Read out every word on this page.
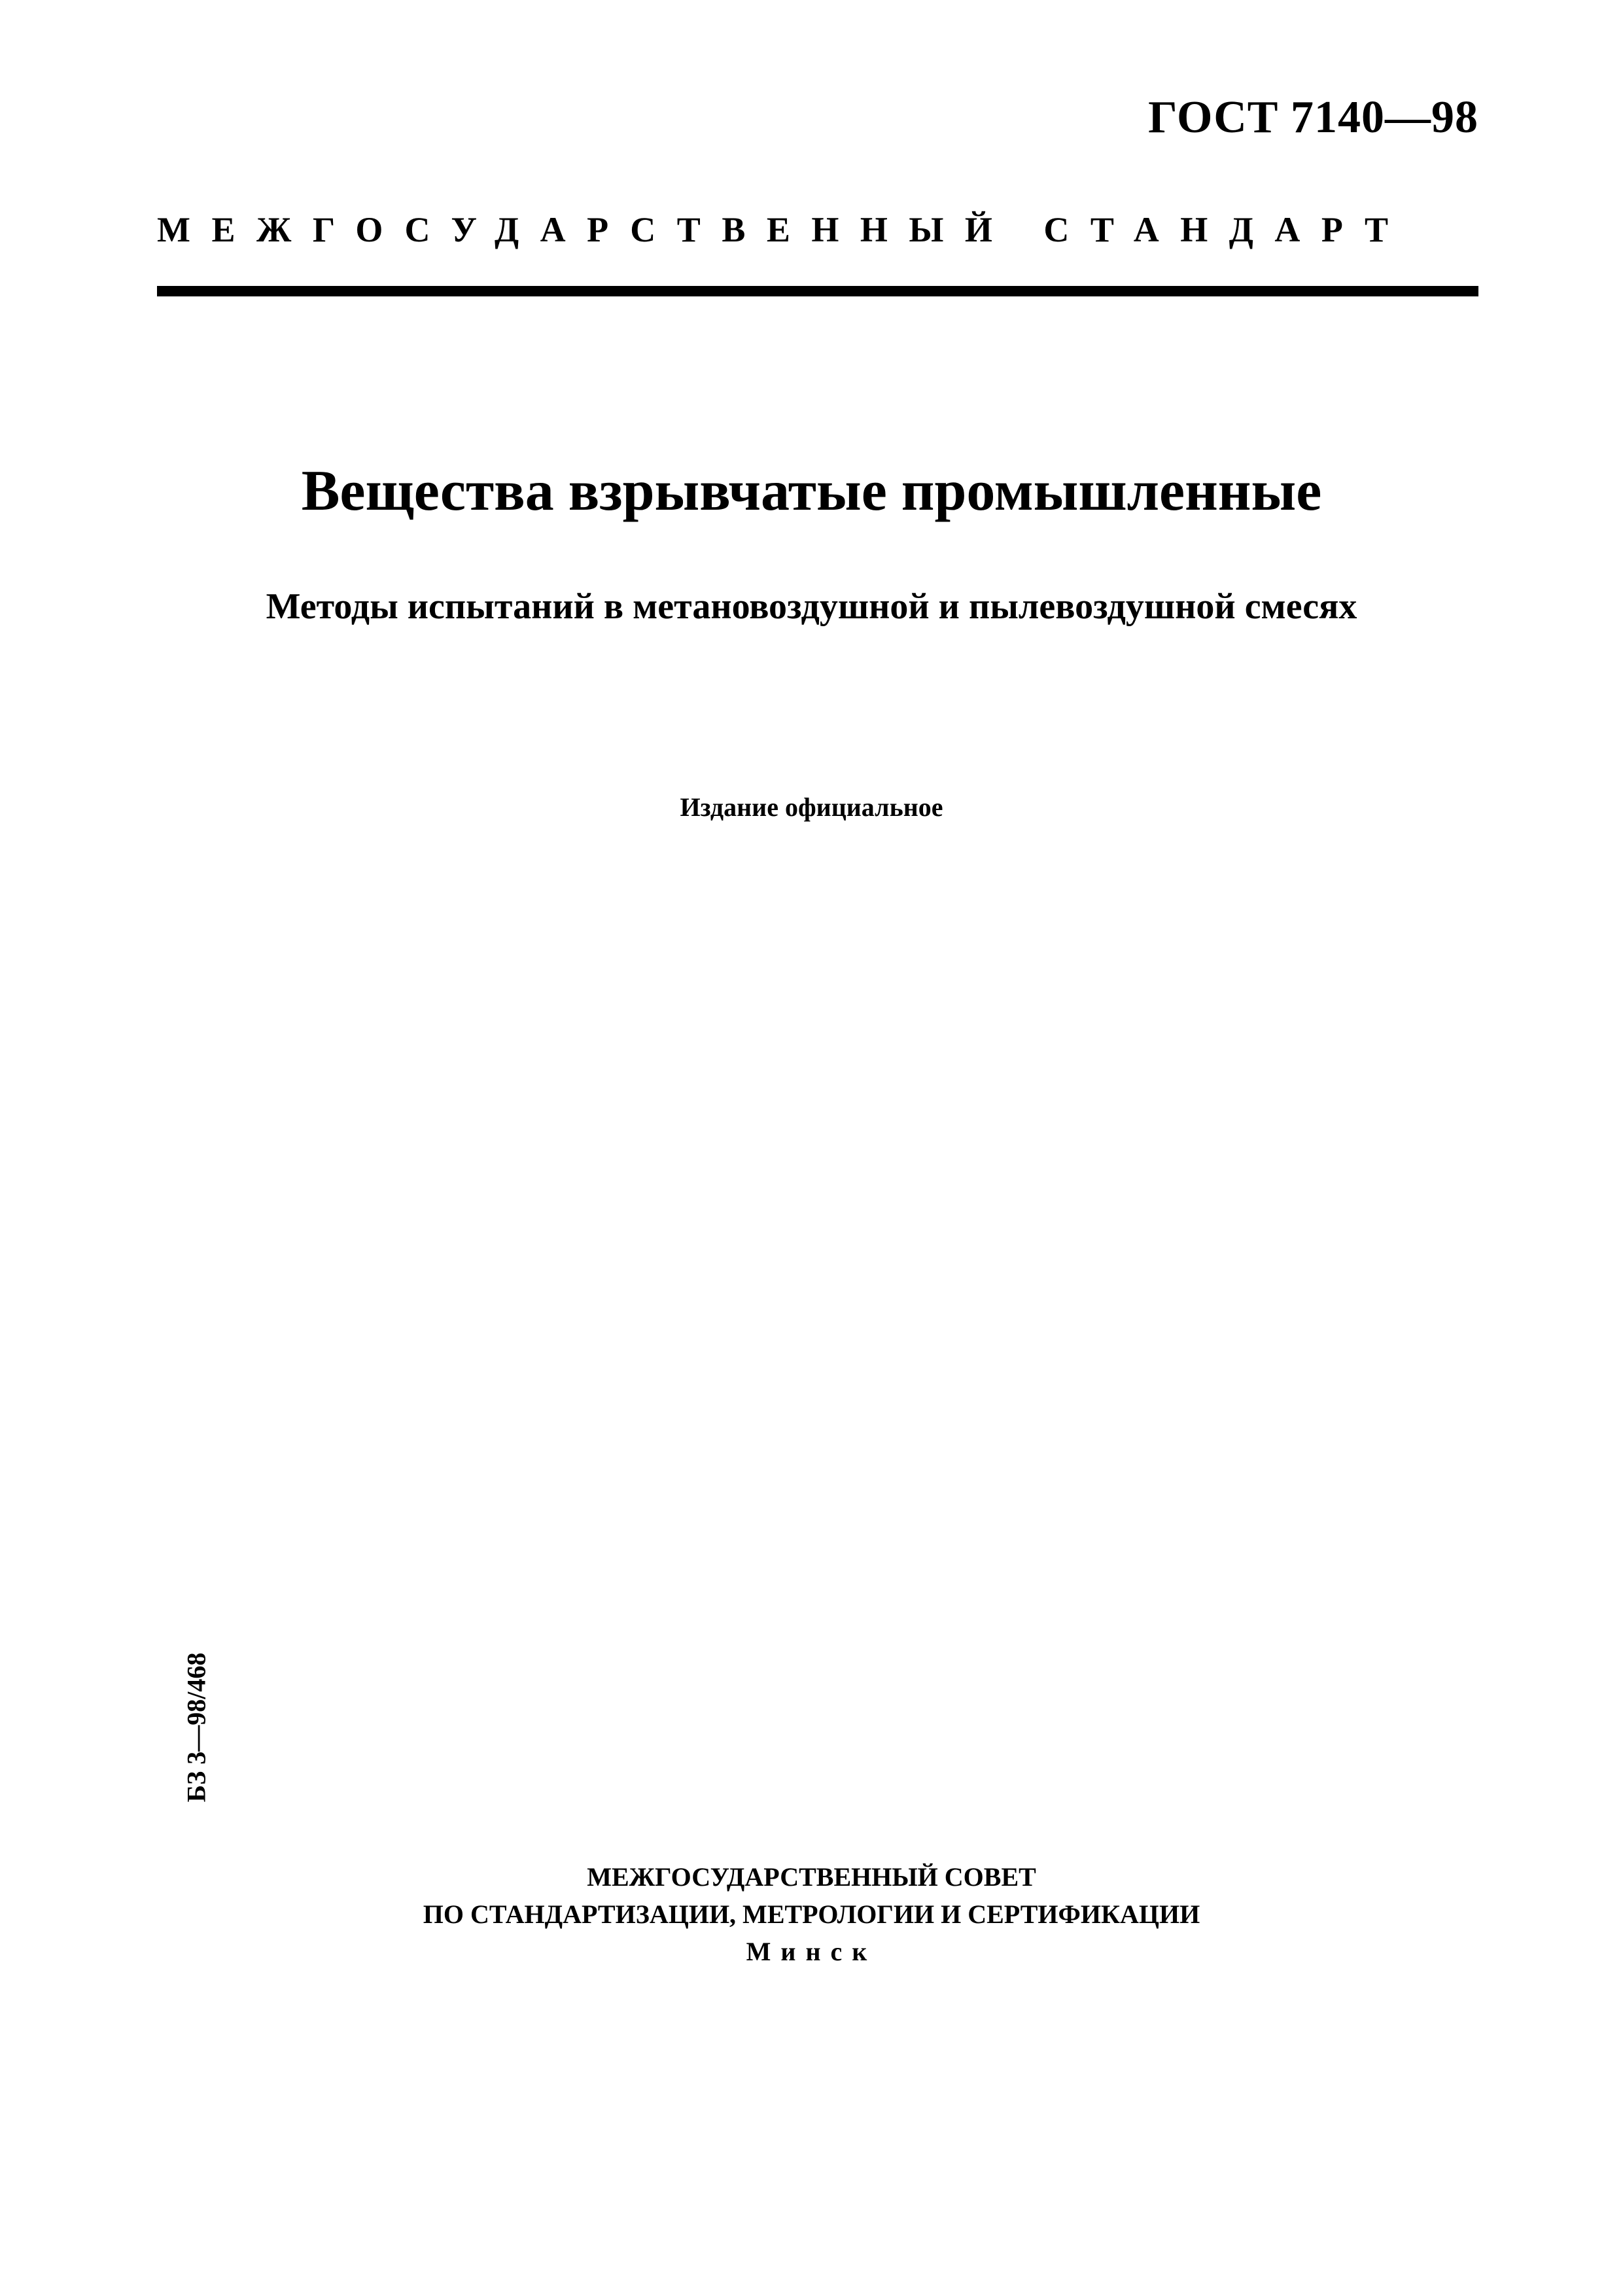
ГОСТ 7140—98
МЕЖГОСУДАРСТВЕННЫЙ СТАНДАРТ
Вещества взрывчатые промышленные
Методы испытаний в метановоздушной и пылевоздушной смесях
Издание официальное
БЗ 3—98/468
МЕЖГОСУДАРСТВЕННЫЙ СОВЕТ
ПО СТАНДАРТИЗАЦИИ, МЕТРОЛОГИИ И СЕРТИФИКАЦИИ
Минск
